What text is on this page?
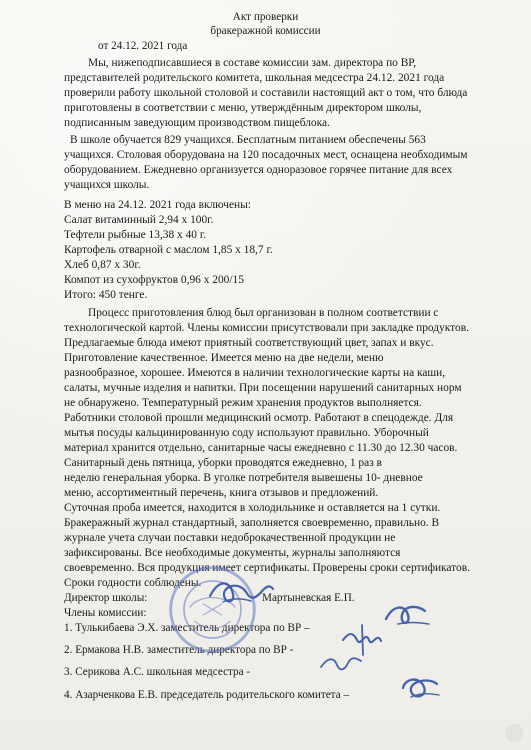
Акт проверки
бракеражной комиссии
от 24.12. 2021 года
Мы, нижеподписавшиеся в составе комиссии зам. директора по ВР,
представителей родительского комитета, школьная медсестра 24.12. 2021 года
проверили работу школьной столовой и составили настоящий акт о том, что блюда
приготовлены в соответствии с меню, утверждённым директором школы,
подписанным заведующим производством пищеблока.
В школе обучается 829 учащихся. Бесплатным питанием обеспечены 563
учащихся. Столовая оборудована на 120 посадочных мест, оснащена необходимым
оборудованием. Ежедневно организуется одноразовое горячее питание для всех
учащихся школы.
В меню на 24.12. 2021 года включены:
Салат витаминный 2,94 х 100г.
Тефтели рыбные 13,38 х 40 г.
Картофель отварной с маслом 1,85 х 18,7 г.
Хлеб 0,87 х 30г.
Компот из сухофруктов 0,96 х 200/15
Итого: 450 тенге.
Процесс приготовления блюд был организован в полном соответствии с
технологической картой. Члены комиссии присутствовали при закладке продуктов.
Предлагаемые блюда имеют приятный соответствующий цвет, запах и вкус.
Приготовление качественное. Имеется меню на две недели, меню
разнообразное, хорошее. Имеются в наличии технологические карты на каши,
салаты, мучные изделия и напитки. При посещении нарушений санитарных норм
не обнаружено. Температурный режим хранения продуктов выполняется.
Работники столовой прошли медицинский осмотр. Работают в спецодежде. Для
мытья посуды кальцинированную соду используют правильно. Уборочный
материал хранится отдельно, санитарные часы ежедневно с 11.30 до 12.30 часов.
Санитарный день пятница, уборки проводятся ежедневно, 1 раз в
неделю генеральная уборка. В уголке потребителя вывешены 10- дневное
меню, ассортиментный перечень, книга отзывов и предложений.
Суточная проба имеется, находится в холодильнике и оставляется на 1 сутки.
Бракеражный журнал стандартный, заполняется своевременно, правильно. В
журнале учета случаи поставки недоброкачественной продукции не
зафиксированы. Все необходимые документы, журналы заполняются
своевременно. Вся продукция имеет сертификаты. Проверены сроки сертификатов.
Сроки годности соблюдены.
Директор школы:	Мартыневская Е.П.
Члены комиссии:
1. Тулькибаева Э.Х. заместитель директора по ВР –
2. Ермакова Н.В. заместитель директора по ВР -
3. Серикова А.С. школьная медсестра -
4. Азарченкова Е.В. председатель родительского комитета –
